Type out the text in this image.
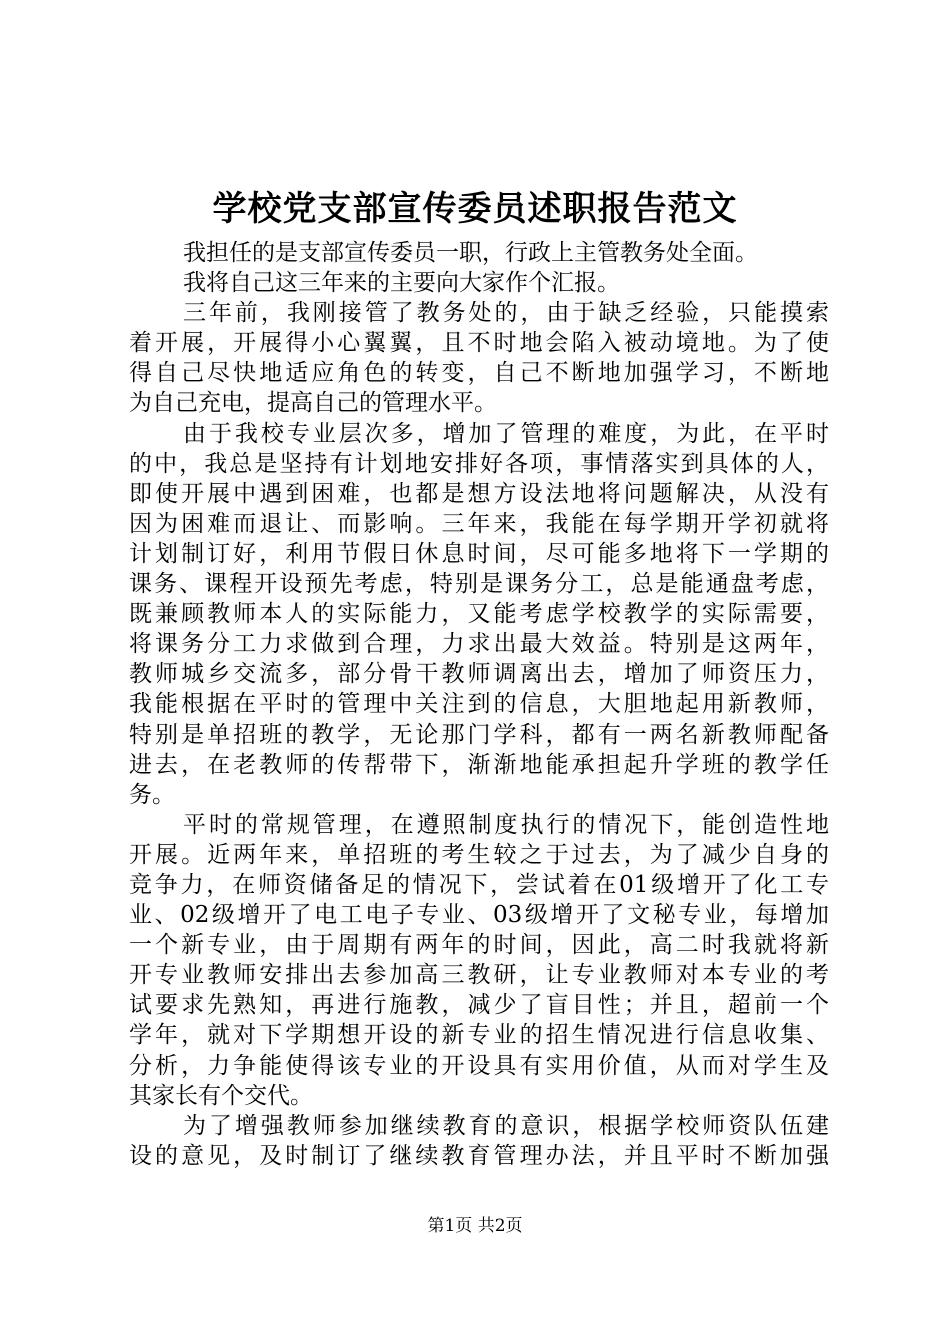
学校党支部宣传委员述职报告范文
我担任的是支部宣传委员一职，行政上主管教务处全面。
我将自己这三年来的主要向大家作个汇报。
三年前，我刚接管了教务处的，由于缺乏经验，只能摸索
着开展，开展得小心翼翼，且不时地会陷入被动境地。为了使
得自己尽快地适应角色的转变，自己不断地加强学习，不断地
为自己充电，提高自己的管理水平。
由于我校专业层次多，增加了管理的难度，为此，在平时
的中，我总是坚持有计划地安排好各项，事情落实到具体的人，
即使开展中遇到困难，也都是想方设法地将问题解决，从没有
因为困难而退让、而影响。三年来，我能在每学期开学初就将
计划制订好，利用节假日休息时间，尽可能多地将下一学期的
课务、课程开设预先考虑，特别是课务分工，总是能通盘考虑，
既兼顾教师本人的实际能力，又能考虑学校教学的实际需要，
将课务分工力求做到合理，力求出最大效益。特别是这两年，
教师城乡交流多，部分骨干教师调离出去，增加了师资压力，
我能根据在平时的管理中关注到的信息，大胆地起用新教师，
特别是单招班的教学，无论那门学科，都有一两名新教师配备
进去，在老教师的传帮带下，渐渐地能承担起升学班的教学任
务。
平时的常规管理，在遵照制度执行的情况下，能创造性地
开展。近两年来，单招班的考生较之于过去，为了减少自身的
竞争力，在师资储备足的情况下，尝试着在01级增开了化工专
业、02级增开了电工电子专业、03级增开了文秘专业，每增加
一个新专业，由于周期有两年的时间，因此，高二时我就将新
开专业教师安排出去参加高三教研，让专业教师对本专业的考
试要求先熟知，再进行施教，减少了盲目性；并且，超前一个
学年，就对下学期想开设的新专业的招生情况进行信息收集、
分析，力争能使得该专业的开设具有实用价值，从而对学生及
其家长有个交代。
为了增强教师参加继续教育的意识，根据学校师资队伍建
设的意见，及时制订了继续教育管理办法，并且平时不断加强
第1页 共2页
